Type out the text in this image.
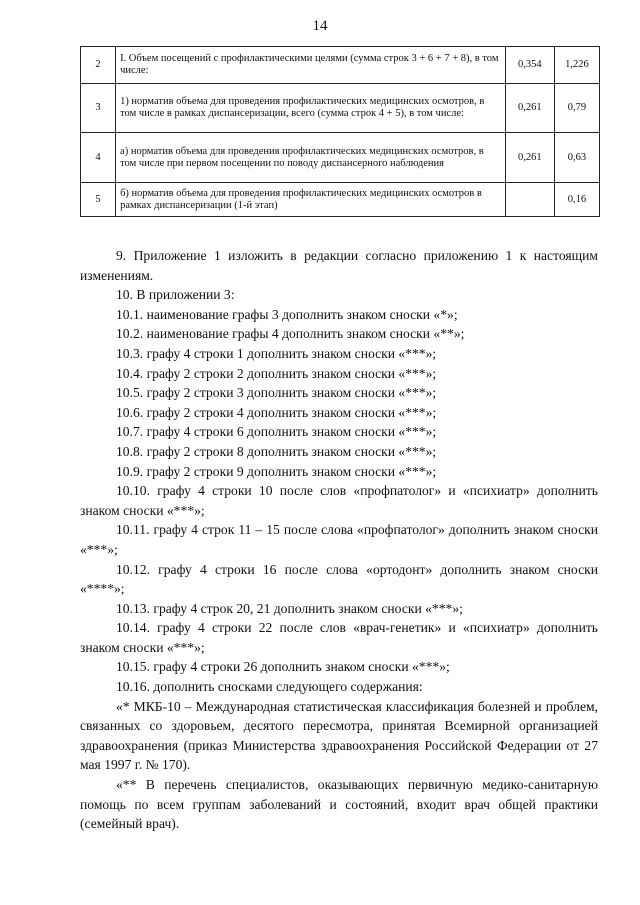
14
2	I. Объем посещений с профилактическими целями (сумма строк 3 + 6 + 7 + 8), в том числе:	0,354	1,226
3	1) норматив объема для проведения профилактических медицинских осмотров, в том числе в рамках диспансеризации, всего (сумма строк 4 + 5), в том числе:	0,261	0,79
4	а) норматив объема для проведения профилактических медицинских осмотров, в том числе при первом посещении по поводу диспансерного наблюдения	0,261	0,63
5	б) норматив объема для проведения профилактических медицинских осмотров в рамках диспансеризации (1-й этап)		0,16

9. Приложение 1 изложить в редакции согласно приложению 1 к настоящим изменениям.

10. В приложении 3:

10.1. наименование графы 3 дополнить знаком сноски «*»;

10.2. наименование графы 4 дополнить знаком сноски «**»;

10.3. графу 4 строки 1 дополнить знаком сноски «***»;

10.4. графу 2 строки 2 дополнить знаком сноски «***»;

10.5. графу 2 строки 3 дополнить знаком сноски «***»;

10.6. графу 2 строки 4 дополнить знаком сноски «***»;

10.7. графу 4 строки 6 дополнить знаком сноски «***»;

10.8. графу 2 строки 8 дополнить знаком сноски «***»;

10.9. графу 2 строки 9 дополнить знаком сноски «***»;

10.10. графу 4 строки 10 после слов «профпатолог» и «психиатр» дополнить знаком сноски «***»;

10.11. графу 4 строк 11 – 15 после слова «профпатолог» дополнить знаком сноски «***»;

10.12. графу 4 строки 16 после слова «ортодонт» дополнить знаком сноски «****»;

10.13. графу 4 строк 20, 21 дополнить знаком сноски «***»;

10.14. графу 4 строки 22 после слов «врач-генетик» и «психиатр» дополнить знаком сноски «***»;

10.15. графу 4 строки 26 дополнить знаком сноски «***»;

10.16. дополнить сносками следующего содержания:

«* МКБ-10 – Международная статистическая классификация болезней и проблем, связанных со здоровьем, десятого пересмотра, принятая Всемирной организацией здравоохранения (приказ Министерства здравоохранения Российской Федерации от 27 мая 1997 г. № 170).

«** В перечень специалистов, оказывающих первичную медико-санитарную помощь по всем группам заболеваний и состояний, входит врач общей практики (семейный врач).
